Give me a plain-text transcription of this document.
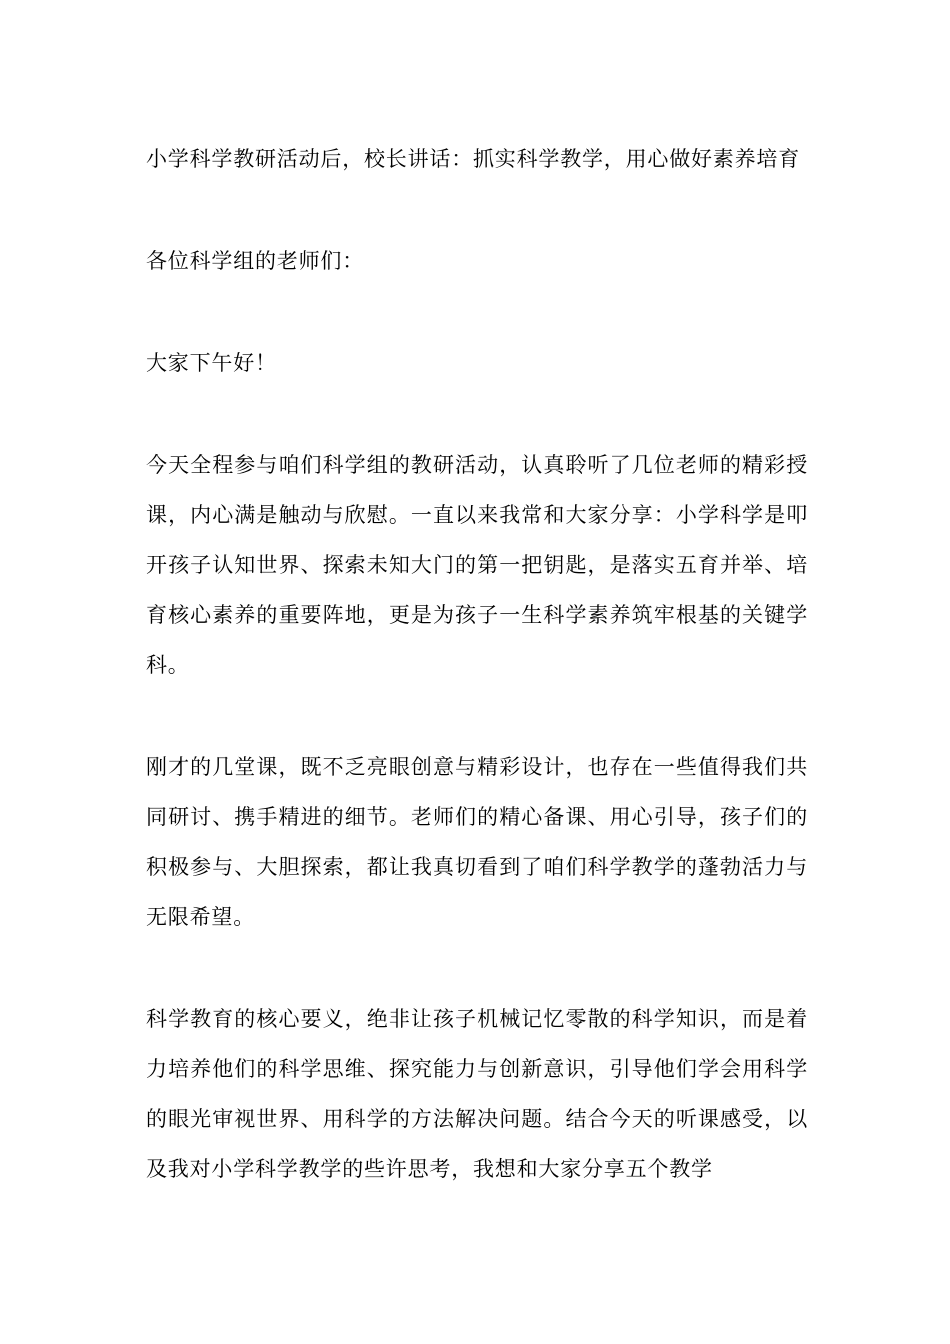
小学科学教研活动后，校长讲话：抓实科学教学，用心做好素养培育

各位科学组的老师们：

大家下午好！

今天全程参与咱们科学组的教研活动，认真聆听了几位老师的精彩授课，内心满是触动与欣慰。一直以来我常和大家分享：小学科学是叩开孩子认知世界、探索未知大门的第一把钥匙，是落实五育并举、培育核心素养的重要阵地，更是为孩子一生科学素养筑牢根基的关键学科。

刚才的几堂课，既不乏亮眼创意与精彩设计，也存在一些值得我们共同研讨、携手精进的细节。老师们的精心备课、用心引导，孩子们的积极参与、大胆探索，都让我真切看到了咱们科学教学的蓬勃活力与无限希望。

科学教育的核心要义，绝非让孩子机械记忆零散的科学知识，而是着力培养他们的科学思维、探究能力与创新意识，引导他们学会用科学的眼光审视世界、用科学的方法解决问题。结合今天的听课感受，以及我对小学科学教学的些许思考，我想和大家分享五个教学
